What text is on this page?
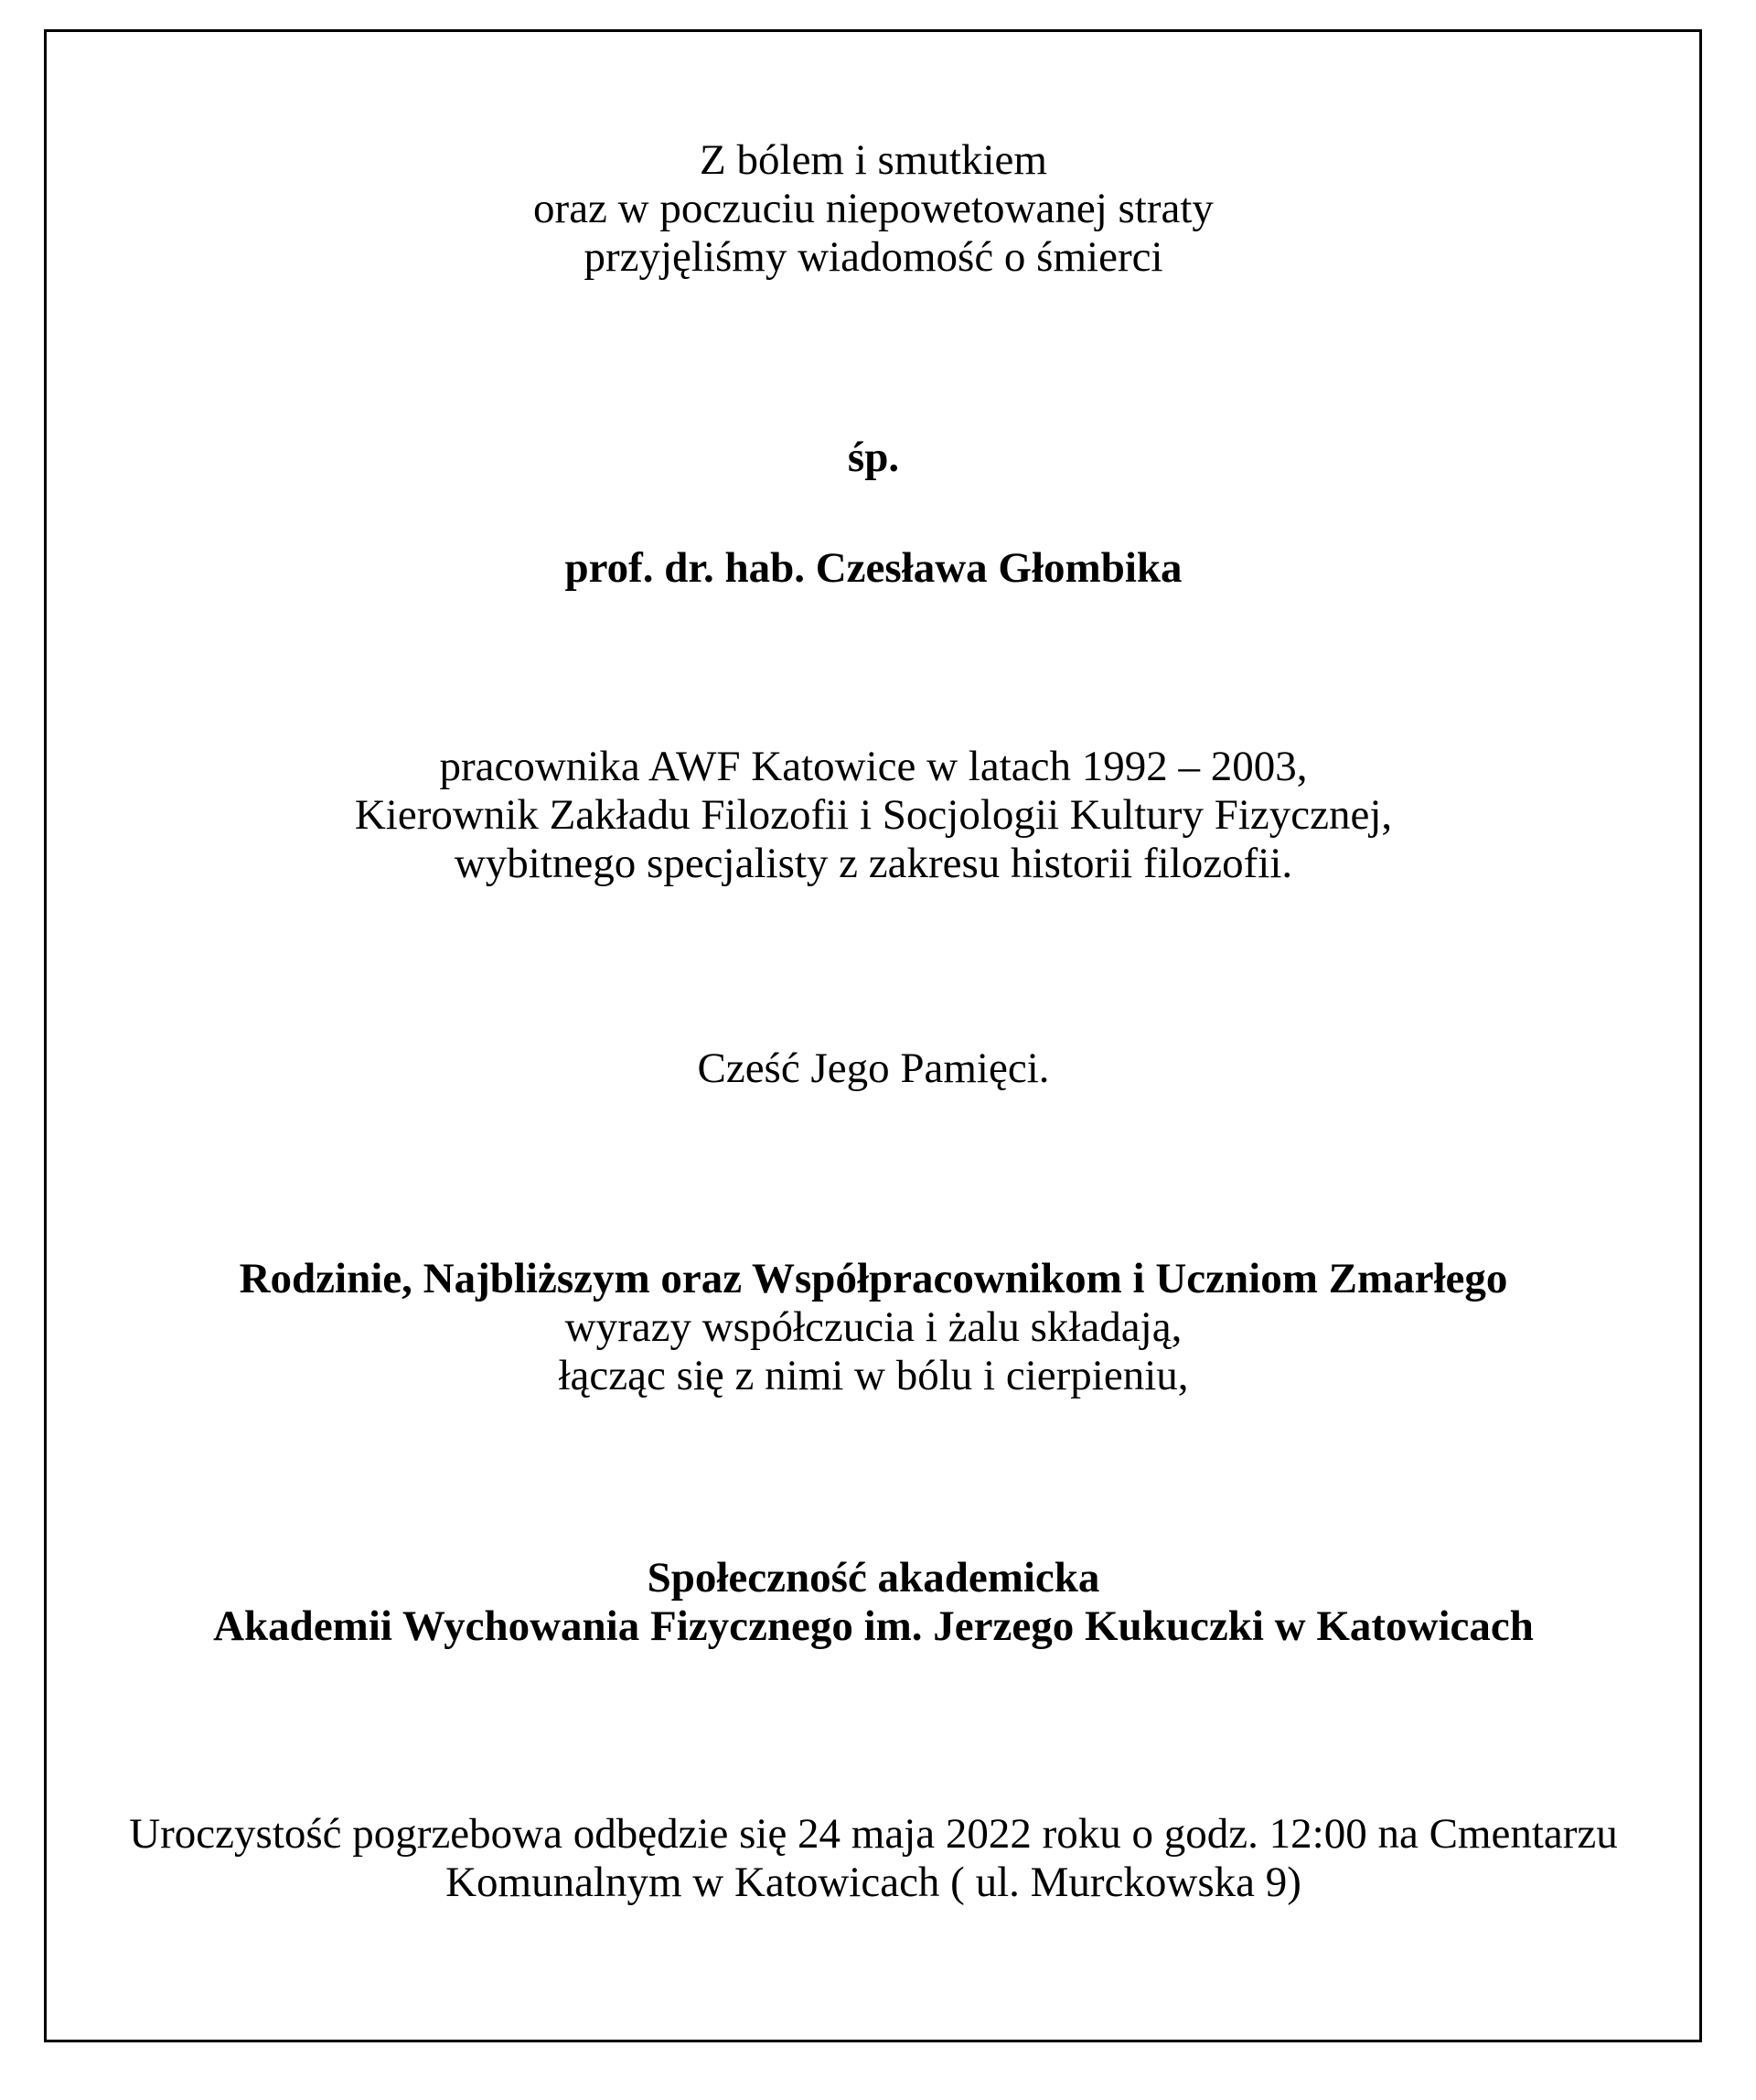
Z bólem i smutkiem
oraz w poczuciu niepowetowanej straty
przyjęliśmy wiadomość o śmierci
śp.
prof. dr. hab. Czesława Głombika
pracownika AWF Katowice w latach 1992 – 2003,
Kierownik Zakładu Filozofii i Socjologii Kultury Fizycznej,
wybitnego specjalisty z zakresu historii filozofii.
Cześć Jego Pamięci.
Rodzinie, Najbliższym oraz Współpracownikom i Uczniom Zmarłego
wyrazy współczucia i żalu składają,
łącząc się z nimi w bólu i cierpieniu,
Społeczność akademicka
Akademii Wychowania Fizycznego im. Jerzego Kukuczki w Katowicach
Uroczystość pogrzebowa odbędzie się 24 maja 2022 roku o godz. 12:00 na Cmentarzu
Komunalnym w Katowicach ( ul. Murckowska 9)
